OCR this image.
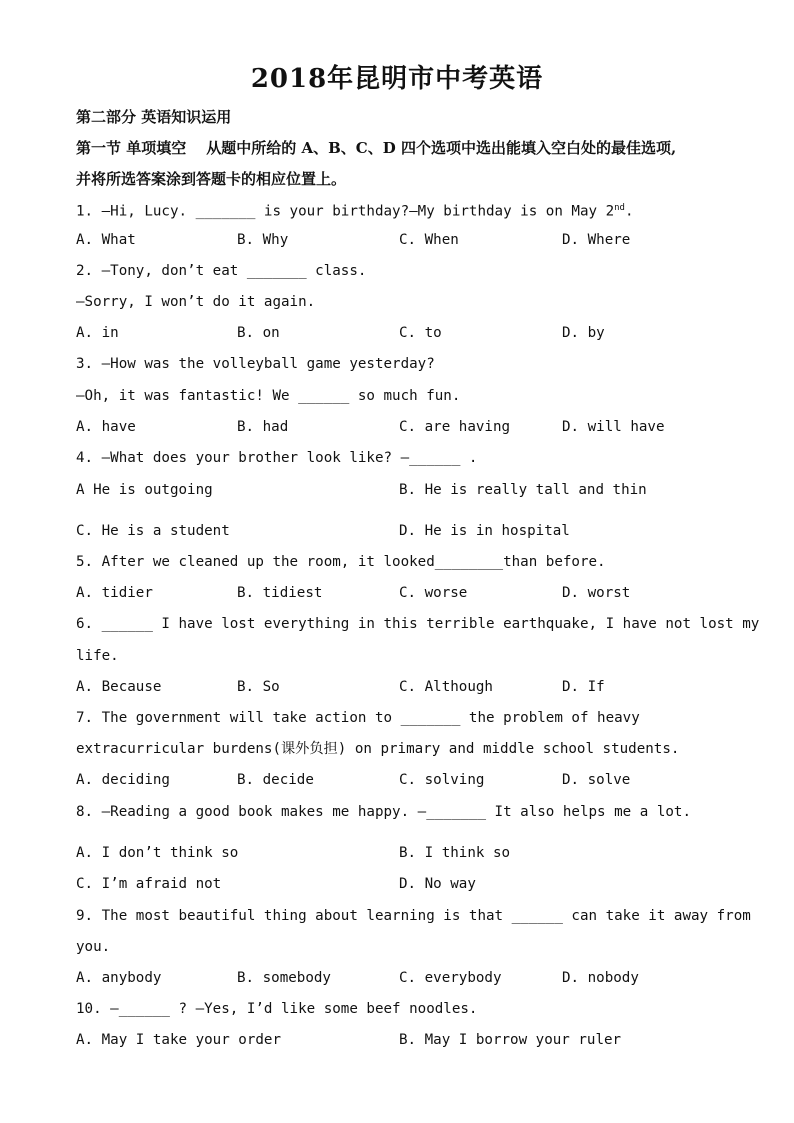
2018年昆明市中考英语
第二部分 英语知识运用
第一节 单项填空 从题中所给的 A、B、C、D 四个选项中选出能填入空白处的最佳选项,
并将所选答案涂到答题卡的相应位置上。
1. —Hi, Lucy. _______ is your birthday?—My birthday is on May 2nd.
A. What	B. Why	C. When	D. Where
2. —Tony, don’t eat _______ class.
—Sorry, I won’t do it again.
A. in	B. on	C. to	D. by
3. —How was the volleyball game yesterday?
—Oh, it was fantastic! We ______ so much fun.
A. have	B. had	C. are having	D. will have
4. —What does your brother look like? —______ .
A He is outgoing	B. He is really tall and thin
C. He is a student	D. He is in hospital
5. After we cleaned up the room, it looked________than before.
A. tidier	B. tidiest	C. worse	D. worst
6. ______ I have lost everything in this terrible earthquake, I have not lost my
life.
A. Because	B. So	C. Although	D. If
7. The government will take action to _______ the problem of heavy
extracurricular burdens(课外负担) on primary and middle school students.
A. deciding	B. decide	C. solving	D. solve
8. —Reading a good book makes me happy. —_______ It also helps me a lot.
A. I don’t think so	B. I think so
C. I’m afraid not	D. No way
9. The most beautiful thing about learning is that ______ can take it away from
you.
A. anybody	B. somebody	C. everybody	D. nobody
10. —______ ? —Yes, I’d like some beef noodles.
A. May I take your order	B. May I borrow your ruler
